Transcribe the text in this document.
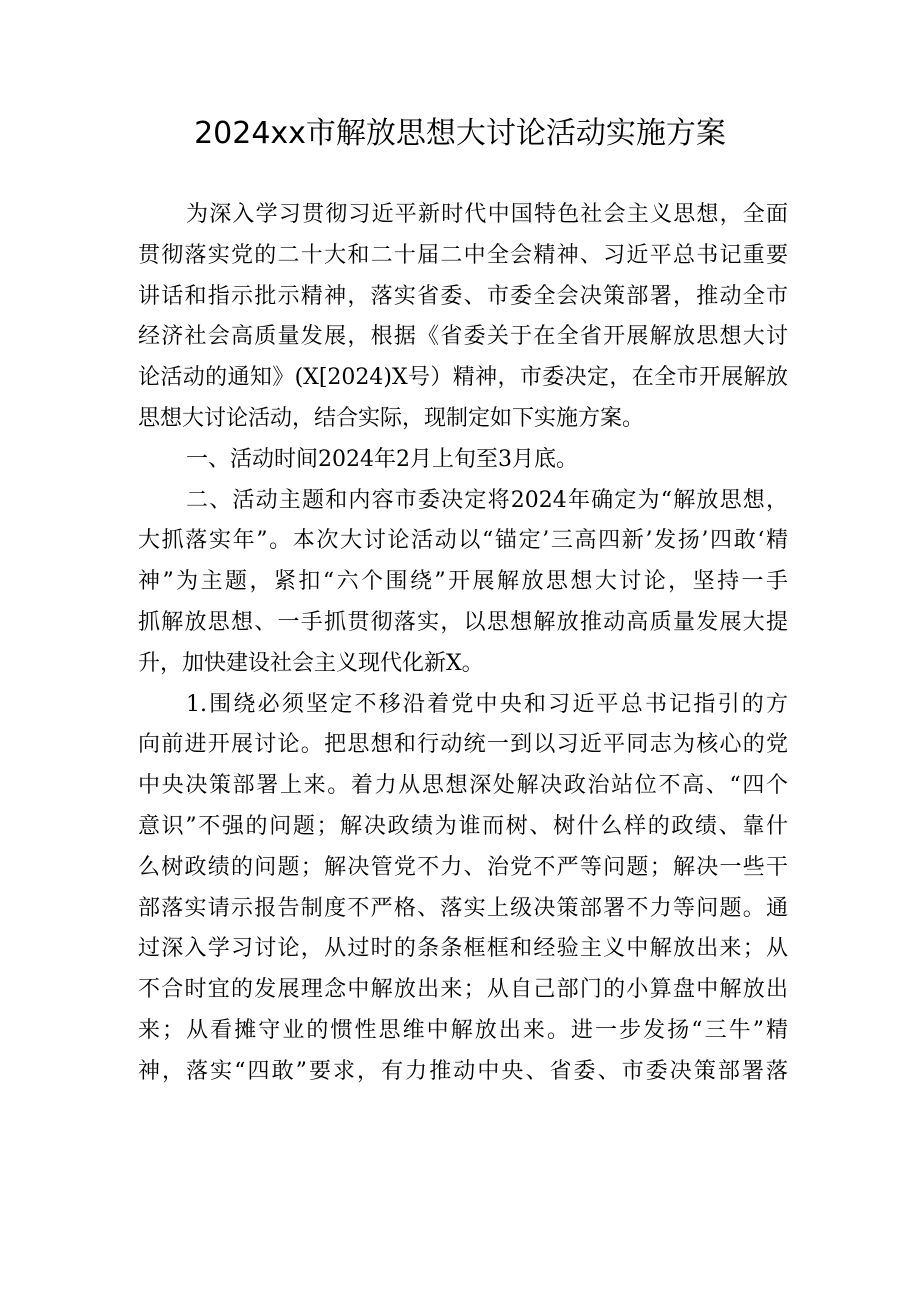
2024xx市解放思想大讨论活动实施方案

为深入学习贯彻习近平新时代中国特色社会主义思想，全面
贯彻落实党的二十大和二十届二中全会精神、习近平总书记重要
讲话和指示批示精神，落实省委、市委全会决策部署，推动全市
经济社会高质量发展，根据《省委关于在全省开展解放思想大讨
论活动的通知》(X[2024)X号）精神，市委决定，在全市开展解放
思想大讨论活动，结合实际，现制定如下实施方案。

一、活动时间2024年2月上旬至3月底。

二、活动主题和内容市委决定将2024年确定为“解放思想，
大抓落实年”。本次大讨论活动以“锚定’三高四新’发扬’四敢‘精
神”为主题，紧扣“六个围绕”开展解放思想大讨论，坚持一手
抓解放思想、一手抓贯彻落实，以思想解放推动高质量发展大提
升，加快建设社会主义现代化新X。

1.围绕必须坚定不移沿着党中央和习近平总书记指引的方
向前进开展讨论。把思想和行动统一到以习近平同志为核心的党
中央决策部署上来。着力从思想深处解决政治站位不高、“四个
意识”不强的问题；解决政绩为谁而树、树什么样的政绩、靠什
么树政绩的问题；解决管党不力、治党不严等问题；解决一些干
部落实请示报告制度不严格、落实上级决策部署不力等问题。通
过深入学习讨论，从过时的条条框框和经验主义中解放出来；从
不合时宜的发展理念中解放出来；从自己部门的小算盘中解放出
来；从看摊守业的惯性思维中解放出来。进一步发扬“三牛”精
神，落实“四敢”要求，有力推动中央、省委、市委决策部署落
